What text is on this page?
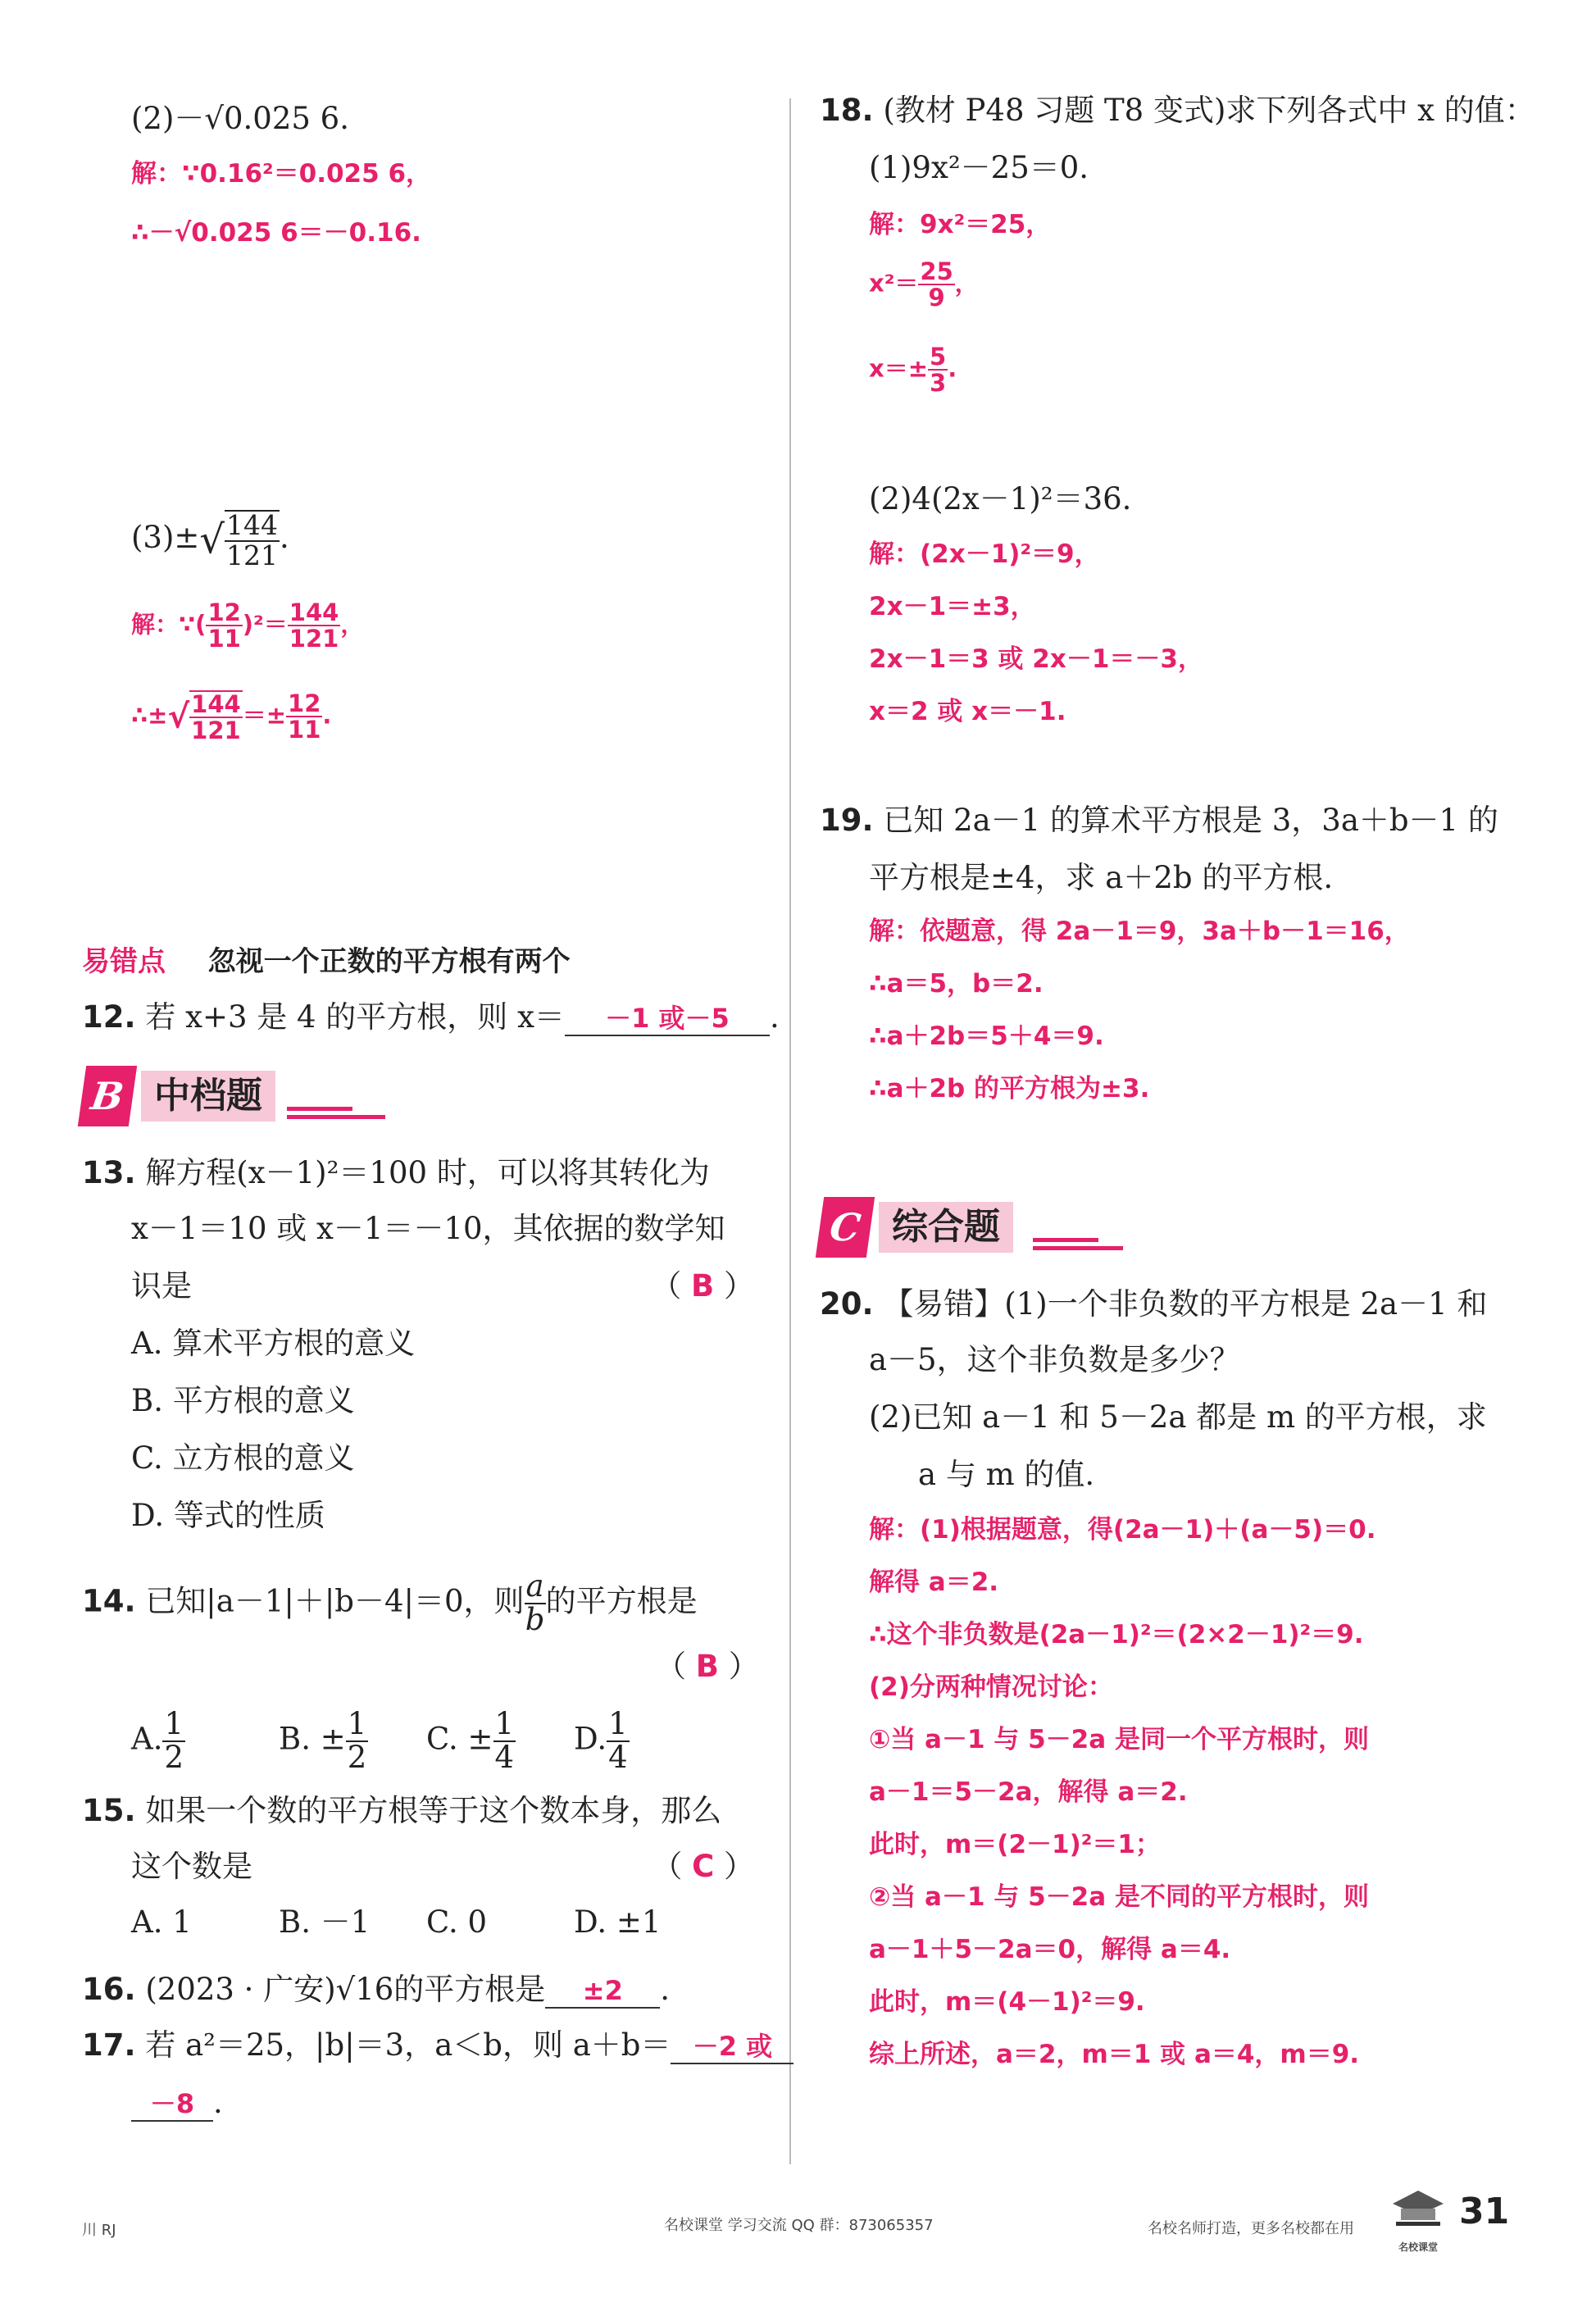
(2)－√0.025 6.
解：∵0.16²＝0.025 6，
∴－√0.025 6＝－0.16.
$(3)\pm√ \frac{144}{121}$ .
解：∵( $\frac{12}{11} )^2= \frac{144}{121}$ ，
∴±√ $\frac{144}{121} =\pm \frac{12}{11}$ .
易错点 忽视一个正数的平方根有两个
12. 若 x+3 是 4 的平方根，则 x＝ －1 或－5 .
B 中档题
13. 解方程(x－1)²＝100 时，可以将其转化为
x－1＝10 或 x－1＝－10，其依据的数学知
识是	（ B ）
A. 算术平方根的意义
B. 平方根的意义
C. 立方根的意义
D. 等式的性质
14. 已知|a－1|＋|b－4|＝0，则 $\frac{a}{b}$ 的平方根是
（ B ）
A. $\frac{1}{2}$	B. ± $\frac{1}{2} C$. ± $\frac{1}{4} D$. $\frac{1}{4}$
15. 如果一个数的平方根等于这个数本身，那么
这个数是	（ C ）
A. 1	B. －1 C. 0	D. ±1
16. (2023 · 广安)√16的平方根是 ±2 .
17. 若 a²＝25，|b|＝3，a＜b，则 a＋b＝ －2 或
－8 .
18. (教材 P48 习题 T8 变式)求下列各式中 x 的值：
(1)9x²－25＝0.
解：9x²＝25，
$x^2= \frac{25}{9}$ ，
$x=\pm \frac{5}{3}$ .
(2)4(2x－1)²＝36.
解：(2x－1)²＝9，
2x－1＝±3，
2x－1＝3 或 2x－1＝－3，
x＝2 或 x＝－1.
19. 已知 2a－1 的算术平方根是 3，3a＋b－1 的
平方根是±4，求 a＋2b 的平方根.
解：依题意，得 2a－1＝9，3a＋b－1＝16，
∴a＝5，b＝2.
∴a＋2b＝5＋4＝9.
∴a＋2b 的平方根为±3.
C 综合题
20. 【易错】(1)一个非负数的平方根是 2a－1 和
a－5，这个非负数是多少？
(2)已知 a－1 和 5－2a 都是 m 的平方根，求
a 与 m 的值.
解：(1)根据题意，得(2a－1)＋(a－5)＝0.
解得 a＝2.
∴这个非负数是(2a－1)²＝(2×2－1)²＝9.
(2)分两种情况讨论：
①当 a－1 与 5－2a 是同一个平方根时，则
a－1＝5－2a，解得 a＝2.
此时，m＝(2－1)²＝1；
②当 a－1 与 5－2a 是不同的平方根时，则
a－1＋5－2a＝0，解得 a＝4.
此时，m＝(4－1)²＝9.
综上所述，a＝2，m＝1 或 a＝4，m＝9.
川 RJ	名校课堂 学习交流 QQ 群：873065357	名校名师打造，更多名校都在用
名校课堂
31
